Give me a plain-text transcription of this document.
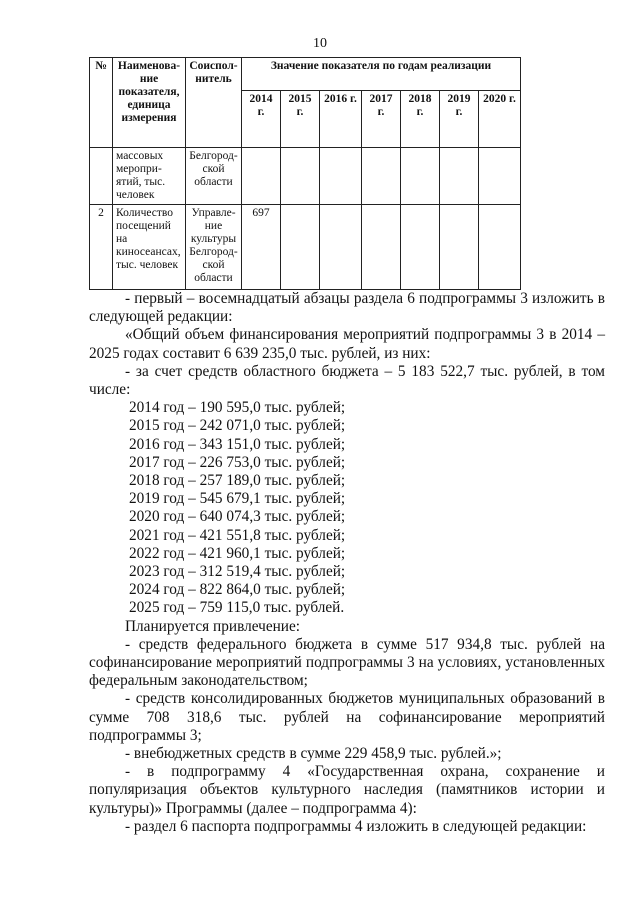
10
№	Наименова-ние показателя, единица измерения	Соиспол-нитель	Значение показателя по годам реализации						
			2014 г.	2015 г.	2016 г.	2017 г.	2018 г.	2019 г.	2020 г.
	массовых меропри-ятий, тыс. человек	Белгород-ской области							
2	Количество посещений на киносеансах, тыс. человек	Управле-ние культуры Белгород-ской области	697						

- первый – восемнадцатый абзацы раздела 6 подпрограммы 3 изложить в следующей редакции:

«Общий объем финансирования мероприятий подпрограммы 3 в 2014 – 2025 годах составит 6 639 235,0 тыс. рублей, из них:

- за счет средств областного бюджета – 5 183 522,7 тыс. рублей, в том числе:

2014 год – 190 595,0 тыс. рублей;

2015 год – 242 071,0 тыс. рублей;

2016 год – 343 151,0 тыс. рублей;

2017 год – 226 753,0 тыс. рублей;

2018 год – 257 189,0 тыс. рублей;

2019 год – 545 679,1 тыс. рублей;

2020 год – 640 074,3 тыс. рублей;

2021 год – 421 551,8 тыс. рублей;

2022 год – 421 960,1 тыс. рублей;

2023 год – 312 519,4 тыс. рублей;

2024 год – 822 864,0 тыс. рублей;

2025 год – 759 115,0 тыс. рублей.

Планируется привлечение:

- средств федерального бюджета в сумме 517 934,8 тыс. рублей на софинансирование мероприятий подпрограммы 3 на условиях, установленных федеральным законодательством;

- средств консолидированных бюджетов муниципальных образований в сумме 708 318,6 тыс. рублей на софинансирование мероприятий подпрограммы 3;

- внебюджетных средств в сумме 229 458,9 тыс. рублей.»;

- в подпрограмму 4 «Государственная охрана, сохранение и популяризация объектов культурного наследия (памятников истории и культуры)» Программы (далее – подпрограмма 4):

- раздел 6 паспорта подпрограммы 4 изложить в следующей редакции:
